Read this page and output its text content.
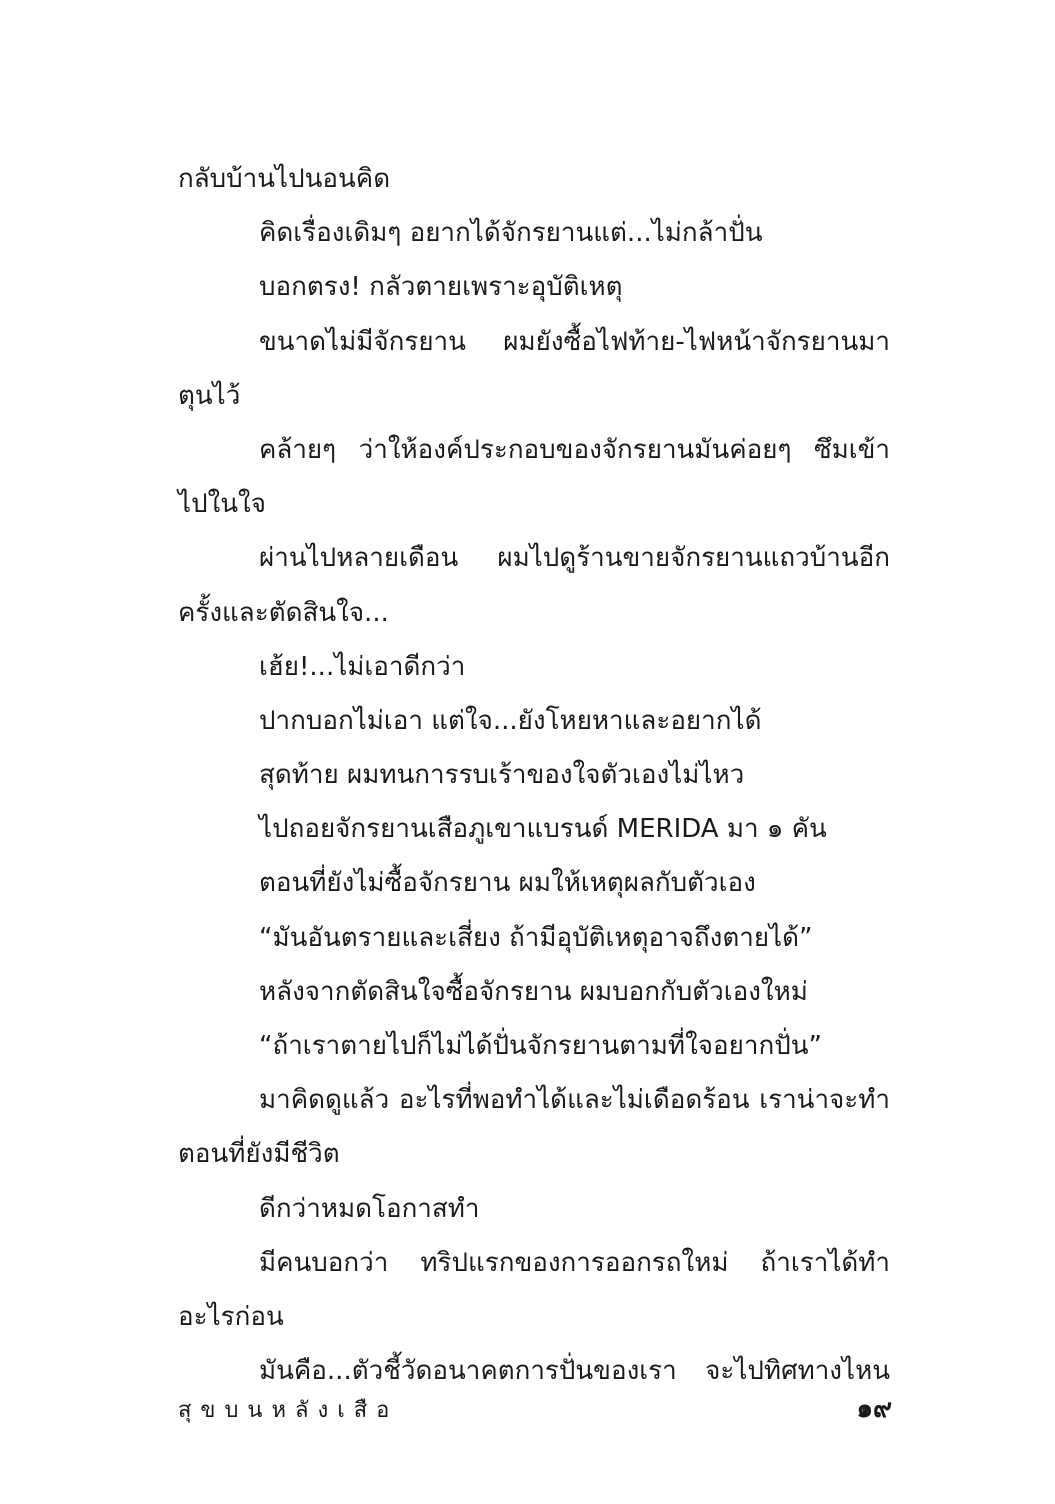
กลับบ้านไปนอนคิด
คิดเรื่องเดิมๆ อยากได้จักรยานแต่...ไม่กล้าปั่น
บอกตรง! กลัวตายเพราะอุบัติเหตุ
ขนาดไม่มีจักรยาน ผมยังซื้อไฟท้าย-ไฟหน้าจักรยานมา
ตุนไว้
คล้ายๆ ว่าให้องค์ประกอบของจักรยานมันค่อยๆ ซึมเข้า
ไปในใจ
ผ่านไปหลายเดือน ผมไปดูร้านขายจักรยานแถวบ้านอีก
ครั้งและตัดสินใจ...
เฮ้ย!...ไม่เอาดีกว่า
ปากบอกไม่เอา แต่ใจ...ยังโหยหาและอยากได้
สุดท้าย ผมทนการรบเร้าของใจตัวเองไม่ไหว
ไปถอยจักรยานเสือภูเขาแบรนด์ MERIDA มา ๑ คัน
ตอนที่ยังไม่ซื้อจักรยาน ผมให้เหตุผลกับตัวเอง
“มันอันตรายและเสี่ยง ถ้ามีอุบัติเหตุอาจถึงตายได้”
หลังจากตัดสินใจซื้อจักรยาน ผมบอกกับตัวเองใหม่
“ถ้าเราตายไปก็ไม่ได้ปั่นจักรยานตามที่ใจอยากปั่น”
มาคิดดูแล้ว อะไรที่พอทำได้และไม่เดือดร้อน เราน่าจะทำ
ตอนที่ยังมีชีวิต
ดีกว่าหมดโอกาสทำ
มีคนบอกว่า ทริปแรกของการออกรถใหม่ ถ้าเราได้ทำ
อะไรก่อน
มันคือ...ตัวชี้วัดอนาคตการปั่นของเรา จะไปทิศทางไหน
สุขบนหลังเสือ	๑๙
